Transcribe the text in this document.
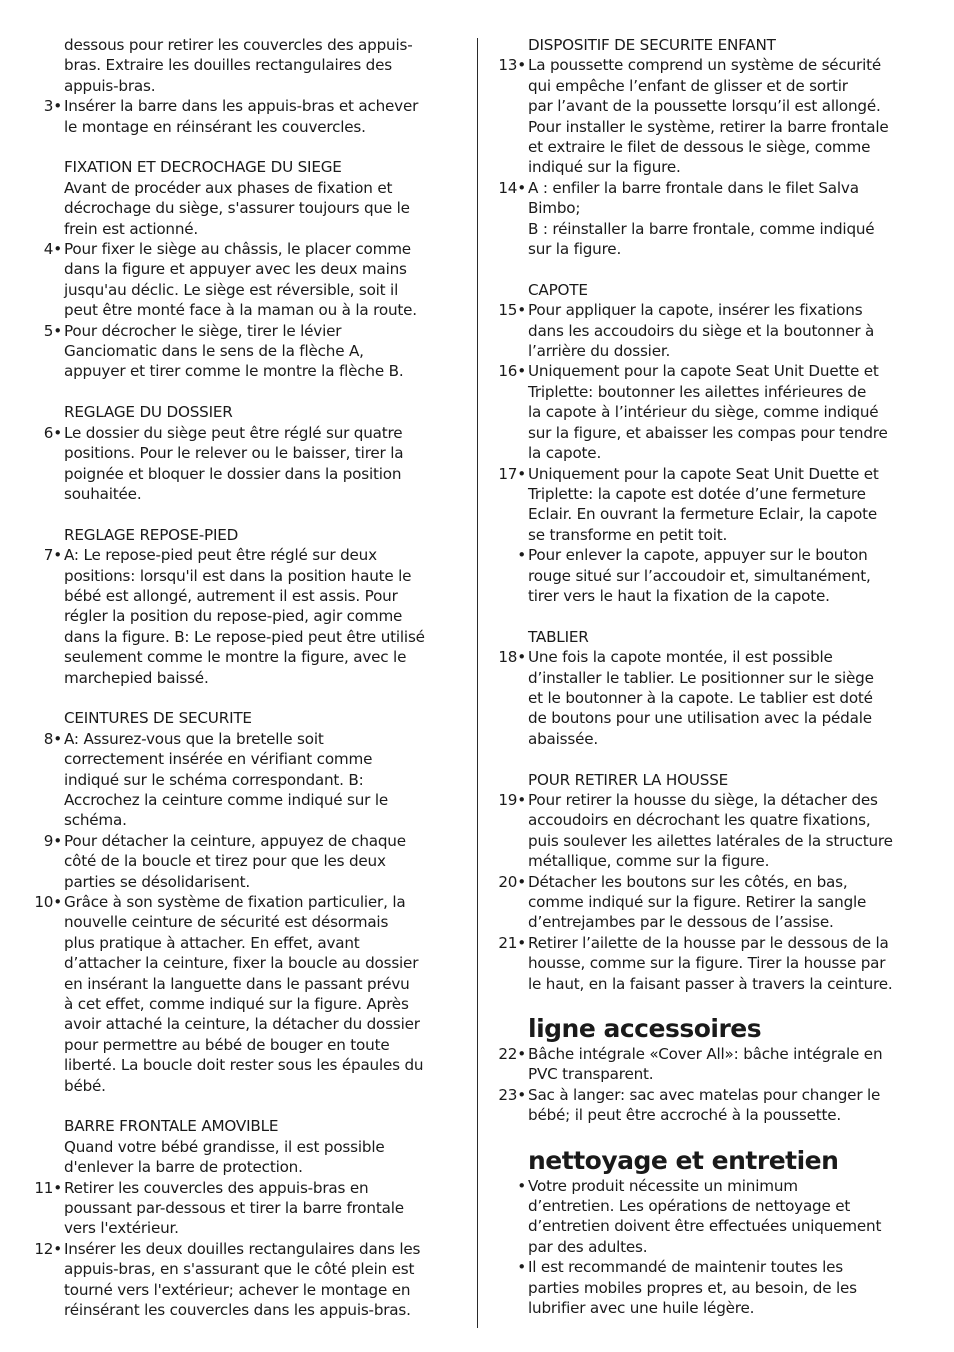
dessous pour retirer les couvercles des appuis-
bras. Extraire les douilles rectangulaires des
appuis-bras.
3• Insérer la barre dans les appuis-bras et achever
le montage en réinsérant les couvercles.
FIXATION ET DECROCHAGE DU SIEGE
Avant de procéder aux phases de fixation et
décrochage du siège, s'assurer toujours que le
frein est actionné.
4• Pour fixer le siège au châssis, le placer comme
dans la figure et appuyer avec les deux mains
jusqu'au déclic. Le siège est réversible, soit il
peut être monté face à la maman ou à la route.
5• Pour décrocher le siège, tirer le lévier
Ganciomatic dans le sens de la flèche A,
appuyer et tirer comme le montre la flèche B.
REGLAGE DU DOSSIER
6• Le dossier du siège peut être réglé sur quatre
positions. Pour le relever ou le baisser, tirer la
poignée et bloquer le dossier dans la position
souhaitée.
REGLAGE REPOSE-PIED
7• A: Le repose-pied peut être réglé sur deux
positions: lorsqu'il est dans la position haute le
bébé est allongé, autrement il est assis. Pour
régler la position du repose-pied, agir comme
dans la figure. B: Le repose-pied peut être utilisé
seulement comme le montre la figure, avec le
marchepied baissé.
CEINTURES DE SECURITE
8• A: Assurez-vous que la bretelle soit
correctement insérée en vérifiant comme
indiqué sur le schéma correspondant. B:
Accrochez la ceinture comme indiqué sur le
schéma.
9• Pour détacher la ceinture, appuyez de chaque
côté de la boucle et tirez pour que les deux
parties se désolidarisent.
10• Grâce à son système de fixation particulier, la
nouvelle ceinture de sécurité est désormais
plus pratique à attacher. En effet, avant
d’attacher la ceinture, fixer la boucle au dossier
en insérant la languette dans le passant prévu
à cet effet, comme indiqué sur la figure. Après
avoir attaché la ceinture, la détacher du dossier
pour permettre au bébé de bouger en toute
liberté. La boucle doit rester sous les épaules du
bébé.
BARRE FRONTALE AMOVIBLE
Quand votre bébé grandisse, il est possible
d'enlever la barre de protection.
11• Retirer les couvercles des appuis-bras en
poussant par-dessous et tirer la barre frontale
vers l'extérieur.
12• Insérer les deux douilles rectangulaires dans les
appuis-bras, en s'assurant que le côté plein est
tourné vers l'extérieur; achever le montage en
réinsérant les couvercles dans les appuis-bras.
DISPOSITIF DE SECURITE ENFANT
13• La poussette comprend un système de sécurité
qui empêche l’enfant de glisser et de sortir
par l’avant de la poussette lorsqu’il est allongé.
Pour installer le système, retirer la barre frontale
et extraire le filet de dessous le siège, comme
indiqué sur la figure.
14• A : enfiler la barre frontale dans le filet Salva
Bimbo;
B : réinstaller la barre frontale, comme indiqué
sur la figure.
CAPOTE
15• Pour appliquer la capote, insérer les fixations
dans les accoudoirs du siège et la boutonner à
l’arrière du dossier.
16• Uniquement pour la capote Seat Unit Duette et
Triplette: boutonner les ailettes inférieures de
la capote à l’intérieur du siège, comme indiqué
sur la figure, et abaisser les compas pour tendre
la capote.
17• Uniquement pour la capote Seat Unit Duette et
Triplette: la capote est dotée d’une fermeture
Eclair. En ouvrant la fermeture Eclair, la capote
se transforme en petit toit.
• Pour enlever la capote, appuyer sur le bouton
rouge situé sur l’accoudoir et, simultanément,
tirer vers le haut la fixation de la capote.
TABLIER
18• Une fois la capote montée, il est possible
d’installer le tablier. Le positionner sur le siège
et le boutonner à la capote. Le tablier est doté
de boutons pour une utilisation avec la pédale
abaissée.
POUR RETIRER LA HOUSSE
19• Pour retirer la housse du siège, la détacher des
accoudoirs en décrochant les quatre fixations,
puis soulever les ailettes latérales de la structure
métallique, comme sur la figure.
20• Détacher les boutons sur les côtés, en bas,
comme indiqué sur la figure. Retirer la sangle
d’entrejambes par le dessous de l’assise.
21• Retirer l’ailette de la housse par le dessous de la
housse, comme sur la figure. Tirer la housse par
le haut, en la faisant passer à travers la ceinture.
ligne accessoires
22• Bâche intégrale «Cover All»: bâche intégrale en
PVC transparent.
23• Sac à langer: sac avec matelas pour changer le
bébé; il peut être accroché à la poussette.
nettoyage et entretien
• Votre produit nécessite un minimum
d’entretien. Les opérations de nettoyage et
d’entretien doivent être effectuées uniquement
par des adultes.
• Il est recommandé de maintenir toutes les
parties mobiles propres et, au besoin, de les
lubrifier avec une huile légère.
